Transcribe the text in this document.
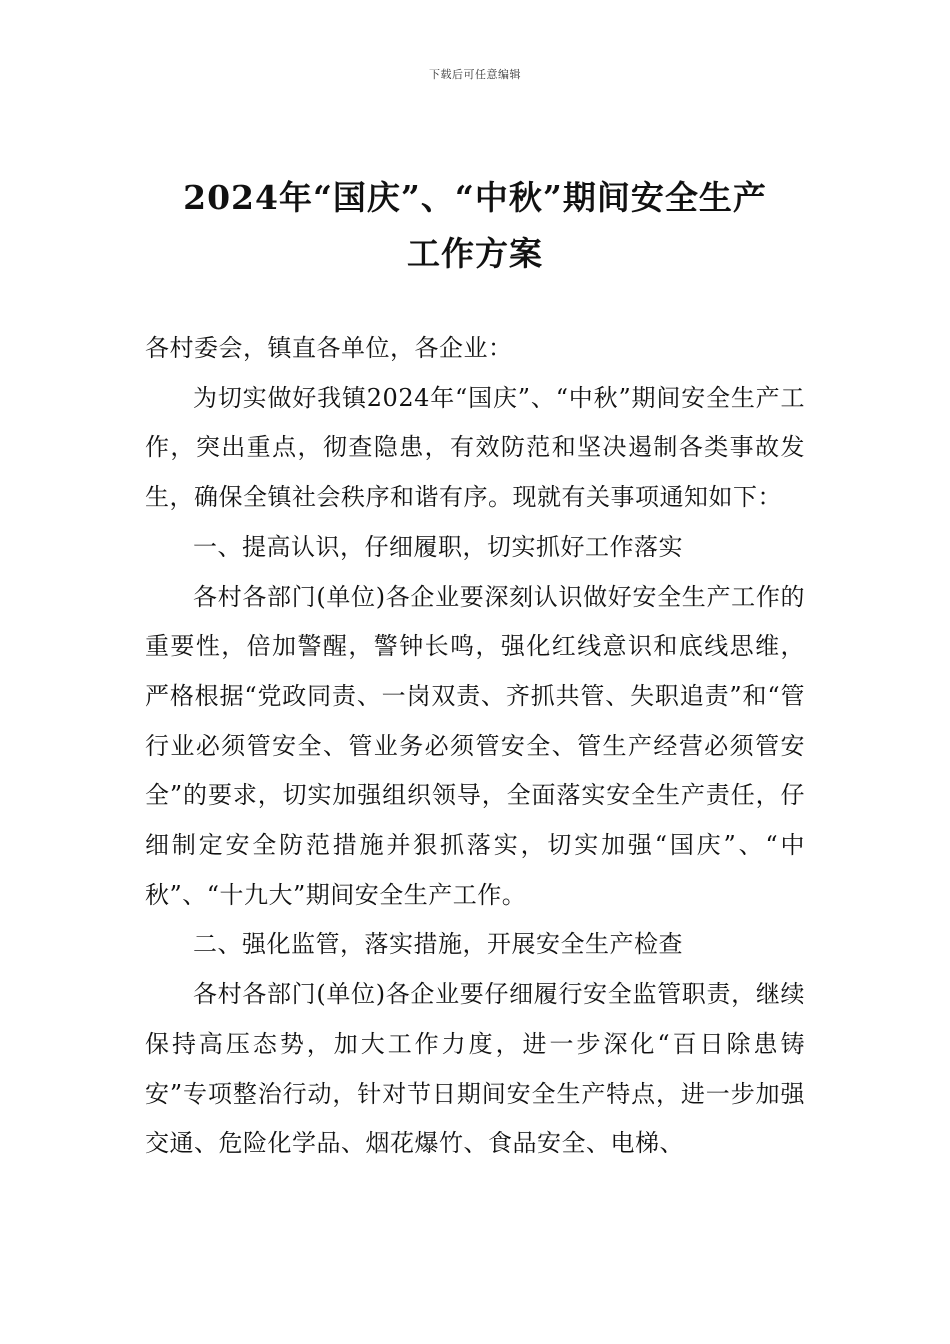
下载后可任意编辑
2024年“国庆”、“中秋”期间安全生产
工作方案

各村委会，镇直各单位，各企业：

为切实做好我镇2024年“国庆”、“中秋”期间安全生产工作，突出重点，彻查隐患，有效防范和坚决遏制各类事故发生，确保全镇社会秩序和谐有序。现就有关事项通知如下：

一、提高认识，仔细履职，切实抓好工作落实

各村各部门(单位)各企业要深刻认识做好安全生产工作的重要性，倍加警醒，警钟长鸣，强化红线意识和底线思维，严格根据“党政同责、一岗双责、齐抓共管、失职追责”和“管行业必须管安全、管业务必须管安全、管生产经营必须管安全”的要求，切实加强组织领导，全面落实安全生产责任，仔细制定安全防范措施并狠抓落实，切实加强“国庆”、“中秋”、“十九大”期间安全生产工作。

二、强化监管，落实措施，开展安全生产检查

各村各部门(单位)各企业要仔细履行安全监管职责，继续保持高压态势，加大工作力度，进一步深化“百日除患铸安”专项整治行动，针对节日期间安全生产特点，进一步加强交通、危险化学品、烟花爆竹、食品安全、电梯、
